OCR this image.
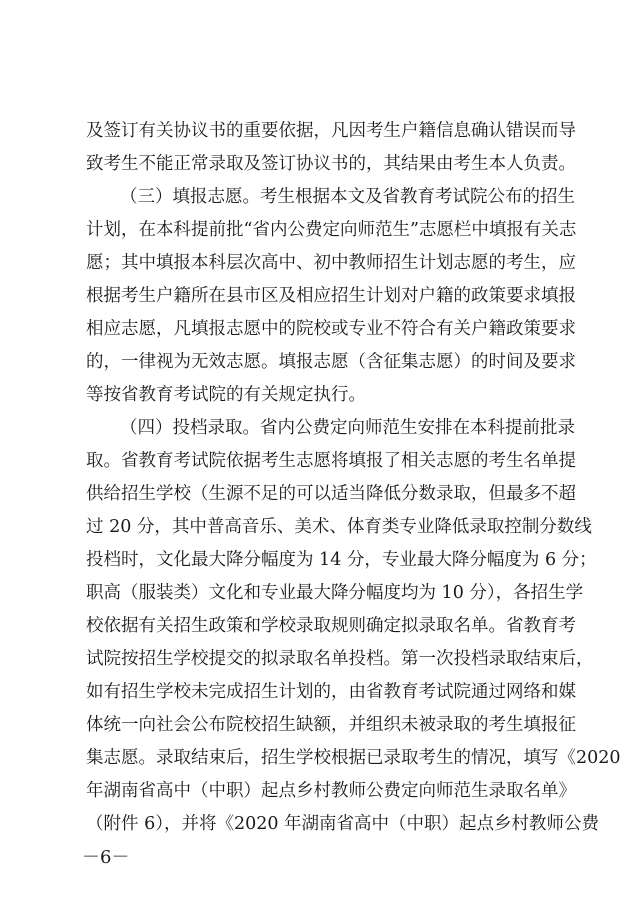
及签订有关协议书的重要依据，凡因考生户籍信息确认错误而导
致考生不能正常录取及签订协议书的，其结果由考生本人负责。
（三）填报志愿。考生根据本文及省教育考试院公布的招生
计划，在本科提前批“省内公费定向师范生”志愿栏中填报有关志
愿；其中填报本科层次高中、初中教师招生计划志愿的考生，应
根据考生户籍所在县市区及相应招生计划对户籍的政策要求填报
相应志愿，凡填报志愿中的院校或专业不符合有关户籍政策要求
的，一律视为无效志愿。填报志愿（含征集志愿）的时间及要求
等按省教育考试院的有关规定执行。
（四）投档录取。省内公费定向师范生安排在本科提前批录
取。省教育考试院依据考生志愿将填报了相关志愿的考生名单提
供给招生学校（生源不足的可以适当降低分数录取，但最多不超
过 20 分，其中普高音乐、美术、体育类专业降低录取控制分数线
投档时，文化最大降分幅度为 14 分，专业最大降分幅度为 6 分；
职高（服装类）文化和专业最大降分幅度均为 10 分），各招生学
校依据有关招生政策和学校录取规则确定拟录取名单。省教育考
试院按招生学校提交的拟录取名单投档。第一次投档录取结束后，
如有招生学校未完成招生计划的，由省教育考试院通过网络和媒
体统一向社会公布院校招生缺额，并组织未被录取的考生填报征
集志愿。录取结束后，招生学校根据已录取考生的情况，填写《2020
年湖南省高中（中职）起点乡村教师公费定向师范生录取名单》
（附件 6），并将《2020 年湖南省高中（中职）起点乡村教师公费
－6－
